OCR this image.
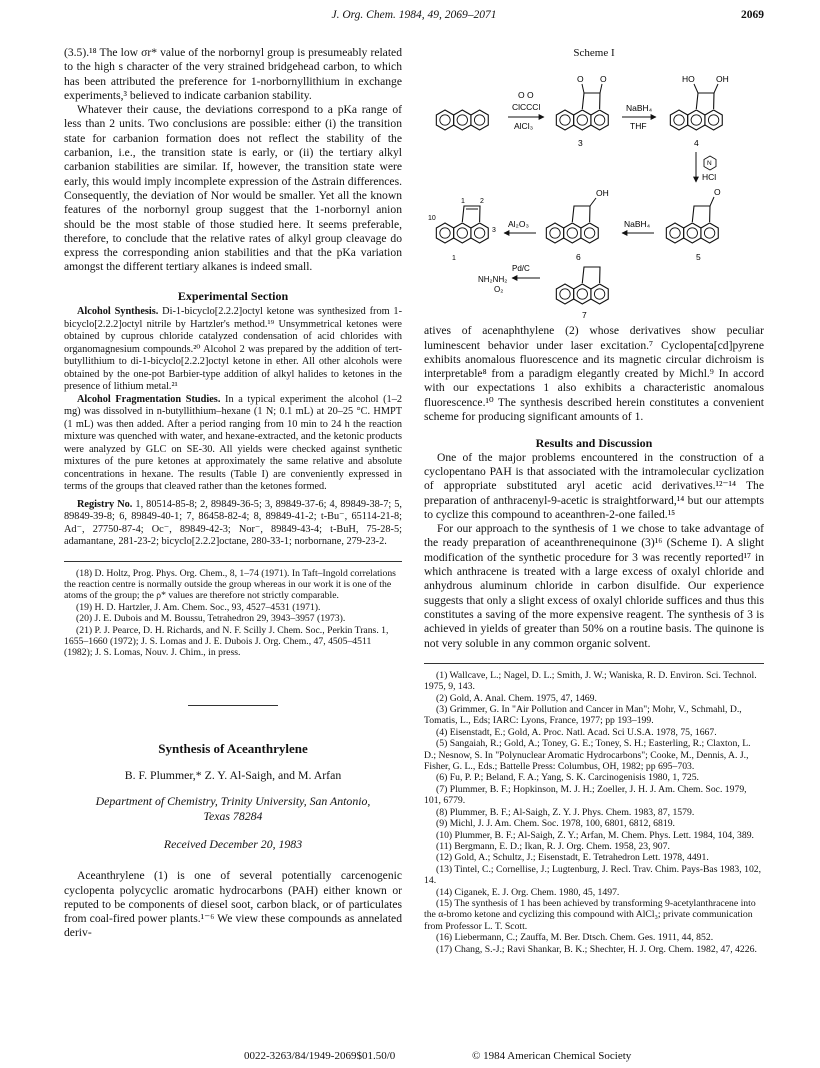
J. Org. Chem. 1984, 49, 2069–2071	2069

(3.5).¹⁸ The low σr* value of the norbornyl group is presumeably related to the high s character of the very strained bridgehead carbon, to which has been attributed the preference for 1-norbornyllithium in exchange experiments,³ believed to indicate carbanion stability.

Whatever their cause, the deviations correspond to a pKa range of less than 2 units. Two conclusions are possible: either (i) the transition state for carbanion formation does not reflect the stability of the carbanion, i.e., the transition state is early, or (ii) the tertiary alkyl carbanion stabilities are similar. If, however, the transition state were early, this would imply incomplete expression of the Δstrain differences. Consequently, the deviation of Nor would be smaller. Yet all the known features of the norbornyl group suggest that the 1-norbornyl anion should be the most stable of those studied here. It seems preferable, therefore, to conclude that the relative rates of alkyl group cleavage do express the corresponding anion stabilities and that the pKa variation amongst the different tertiary alkanes is indeed small.

Experimental Section

Alcohol Synthesis. Di-1-bicyclo[2.2.2]octyl ketone was synthesized from 1-bicyclo[2.2.2]octyl nitrile by Hartzler's method.¹⁹ Unsymmetrical ketones were obtained by cuprous chloride catalyzed condensation of acid chlorides with organomagnesium compounds.²⁰ Alcohol 2 was prepared by the addition of tert-butyllithium to di-1-bicyclo[2.2.2]octyl ketone in ether. All other alcohols were obtained by the one-pot Barbier-type addition of alkyl halides to ketones in the presence of lithium metal.²¹

Alcohol Fragmentation Studies. In a typical experiment the alcohol (1–2 mg) was dissolved in n-butyllithium–hexane (1 N; 0.1 mL) at 20–25 °C. HMPT (1 mL) was then added. After a period ranging from 10 min to 24 h the reaction mixture was quenched with water, and hexane-extracted, and the ketonic products were analyzed by GLC on SE-30. All yields were checked against synthetic mixtures of the pure ketones at approximately the same relative and absolute concentrations in hexane. The results (Table I) are conveniently expressed in terms of the groups that cleaved rather than the ketones formed.

Registry No. 1, 80514-85-8; 2, 89849-36-5; 3, 89849-37-6; 4, 89849-38-7; 5, 89849-39-8; 6, 89849-40-1; 7, 86458-82-4; 8, 89849-41-2; t-Bu⁻, 65114-21-8; Ad⁻, 27750-87-4; Oc⁻, 89849-42-3; Nor⁻, 89849-43-4; t-BuH, 75-28-5; adamantane, 281-23-2; bicyclo[2.2.2]octane, 280-33-1; norbornane, 279-23-2.

(18) D. Holtz, Prog. Phys. Org. Chem., 8, 1–74 (1971). In Taft–Ingold correlations the reaction centre is normally outside the group whereas in our work it is one of the atoms of the group; the ρ* values are therefore not strictly comparable.

(19) H. D. Hartzler, J. Am. Chem. Soc., 93, 4527–4531 (1971).

(20) J. E. Dubois and M. Boussu, Tetrahedron 29, 3943–3957 (1973).

(21) P. J. Pearce, D. H. Richards, and N. F. Scilly J. Chem. Soc., Perkin Trans. 1, 1655–1660 (1972); J. S. Lomas and J. E. Dubois J. Org. Chem., 47, 4505–4511 (1982); J. S. Lomas, Nouv. J. Chim., in press.

Synthesis of Aceanthrylene

B. F. Plummer,* Z. Y. Al-Saigh, and M. Arfan

Department of Chemistry, Trinity University, San Antonio, Texas 78284

Received December 20, 1983

Aceanthrylene (1) is one of several potentially carcenogenic cyclopenta polycyclic aromatic hydrocarbons (PAH) either known or reputed to be components of diesel soot, carbon black, or of particulates from coal-fired power plants.¹⁻⁶ We view these compounds as annelated deriv-

Scheme I

O O
ClCCCl
AlCl₃
O O
3
NaBH₄
THF
HO	OH
4
N
HCl
1 2
10
3
1
Al₂O₃
OH
6
NaBH₄
O
5
Pd/C
NH₂NH₂
O₂
7

atives of acenaphthylene (2) whose derivatives show peculiar luminescent behavior under laser excitation.⁷ Cyclopenta[cd]pyrene exhibits anomalous fluorescence and its magnetic circular dichroism is interpretable⁸ from a paradigm elegantly created by Michl.⁹ In accord with our expectations 1 also exhibits a characteristic anomalous fluorescence.¹⁰ The synthesis described herein constitutes a convenient scheme for producing significant amounts of 1.

Results and Discussion

One of the major problems encountered in the construction of a cyclopentano PAH is that associated with the intramolecular cyclization of appropriate substituted aryl acetic acid derivatives.¹²⁻¹⁴ The preparation of anthracenyl-9-acetic is straightforward,¹⁴ but our attempts to cyclize this compound to aceanthren-2-one failed.¹⁵

For our approach to the synthesis of 1 we chose to take advantage of the ready preparation of aceanthrenequinone (3)¹⁶ (Scheme I). A slight modification of the synthetic procedure for 3 was recently reported¹⁷ in which anthracene is treated with a large excess of oxalyl chloride and anhydrous aluminum chloride in carbon disulfide. Our experience suggests that only a slight excess of oxalyl chloride suffices and thus this constitutes a saving of the more expensive reagent. The synthesis of 3 is achieved in yields of greater than 50% on a routine basis. The quinone is not very soluble in any common organic solvent.

(1) Wallcave, L.; Nagel, D. L.; Smith, J. W.; Waniska, R. D. Environ. Sci. Technol. 1975, 9, 143.

(2) Gold, A. Anal. Chem. 1975, 47, 1469.

(3) Grimmer, G. In "Air Pollution and Cancer in Man"; Mohr, V., Schmahl, D., Tomatis, L., Eds; IARC: Lyons, France, 1977; pp 193–199.

(4) Eisenstadt, E.; Gold, A. Proc. Natl. Acad. Sci U.S.A. 1978, 75, 1667.

(5) Sangaiah, R.; Gold, A.; Toney, G. E.; Toney, S. H.; Easterling, R.; Claxton, L. D.; Nesnow, S. In "Polynuclear Aromatic Hydrocarbons"; Cooke, M., Dennis, A. J., Fisher, G. L., Eds.; Battelle Press: Columbus, OH, 1982; pp 695–703.

(6) Fu, P. P.; Beland, F. A.; Yang, S. K. Carcinogenisis 1980, 1, 725.

(7) Plummer, B. F.; Hopkinson, M. J. H.; Zoeller, J. H. J. Am. Chem. Soc. 1979, 101, 6779.

(8) Plummer, B. F.; Al-Saigh, Z. Y. J. Phys. Chem. 1983, 87, 1579.

(9) Michl, J. J. Am. Chem. Soc. 1978, 100, 6801, 6812, 6819.

(10) Plummer, B. F.; Al-Saigh, Z. Y.; Arfan, M. Chem. Phys. Lett. 1984, 104, 389.

(11) Bergmann, E. D.; Ikan, R. J. Org. Chem. 1958, 23, 907.

(12) Gold, A.; Schultz, J.; Eisenstadt, E. Tetrahedron Lett. 1978, 4491.

(13) Tintel, C.; Cornellise, J.; Lugtenburg, J. Recl. Trav. Chim. Pays-Bas 1983, 102, 14.

(14) Ciganek, E. J. Org. Chem. 1980, 45, 1497.

(15) The synthesis of 1 has been achieved by transforming 9-acetylanthracene into the α-bromo ketone and cyclizing this compound with AlCl₃; private communication from Professor L. T. Scott.

(16) Liebermann, C.; Zauffa, M. Ber. Dtsch. Chem. Ges. 1911, 44, 852.

(17) Chang, S.-J.; Ravi Shankar, B. K.; Shechter, H. J. Org. Chem. 1982, 47, 4226.

0022-3263/84/1949-2069$01.50/0	© 1984 American Chemical Society
